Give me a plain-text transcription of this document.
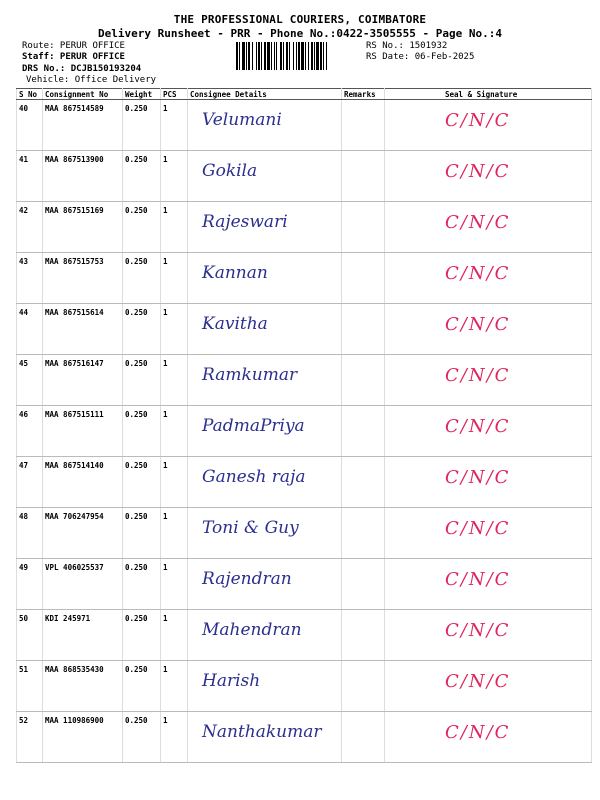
THE PROFESSIONAL COURIERS, COIMBATORE
Delivery Runsheet - PRR - Phone No.:0422-3505555 - Page No.:4
Route: PERUR OFFICE
Staff: PERUR OFFICE
DRS No.: DCJB150193204
Vehicle: Office Delivery
RS No.: 1501932
RS Date: 06-Feb-2025
S No	Consignment No	Weight	PCS	Consignee Details	Remarks	Seal & Signature
40	MAA 867514589	0.250	1	Velumani		C/N/C
41	MAA 867513900	0.250	1	Gokila		C/N/C
42	MAA 867515169	0.250	1	Rajeswari		C/N/C
43	MAA 867515753	0.250	1	Kannan		C/N/C
44	MAA 867515614	0.250	1	Kavitha		C/N/C
45	MAA 867516147	0.250	1	Ramkumar		C/N/C
46	MAA 867515111	0.250	1	PadmaPriya		C/N/C
47	MAA 867514140	0.250	1	Ganesh raja		C/N/C
48	MAA 706247954	0.250	1	Toni & Guy		C/N/C
49	VPL 406025537	0.250	1	Rajendran		C/N/C
50	KDI 245971	0.250	1	Mahendran		C/N/C
51	MAA 868535430	0.250	1	Harish		C/N/C
52	MAA 110986900	0.250	1	Nanthakumar		C/N/C
